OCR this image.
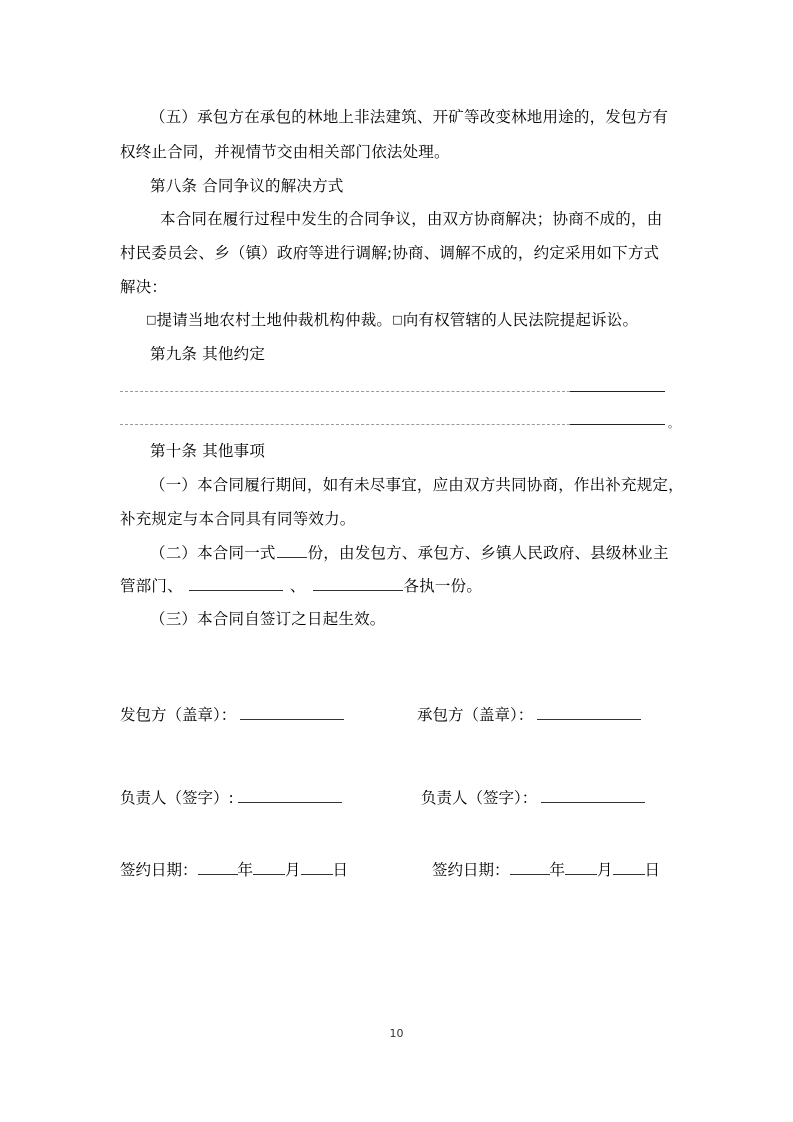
（五）承包方在承包的林地上非法建筑、开矿等改变林地用途的，发包方有
权终止合同，并视情节交由相关部门依法处理。
第八条 合同争议的解决方式
本合同在履行过程中发生的合同争议，由双方协商解决；协商不成的，由
村民委员会、乡（镇）政府等进行调解;协商、调解不成的，约定采用如下方式
解决：
□提请当地农村土地仲裁机构仲裁。□向有权管辖的人民法院提起诉讼。
第九条 其他约定
。
第十条 其他事项
（一）本合同履行期间，如有未尽事宜，应由双方共同协商，作出补充规定，
补充规定与本合同具有同等效力。
（二）本合同一式 份，由发包方、承包方、乡镇人民政府、县级林业主
管部门、	、	各执一份。
（三）本合同自签订之日起生效。
发包方（盖章）：	承包方（盖章）：
负责人（签字）:	负责人（签字）：
签约日期：	年 月 日	签约日期：	年 月 日
10
